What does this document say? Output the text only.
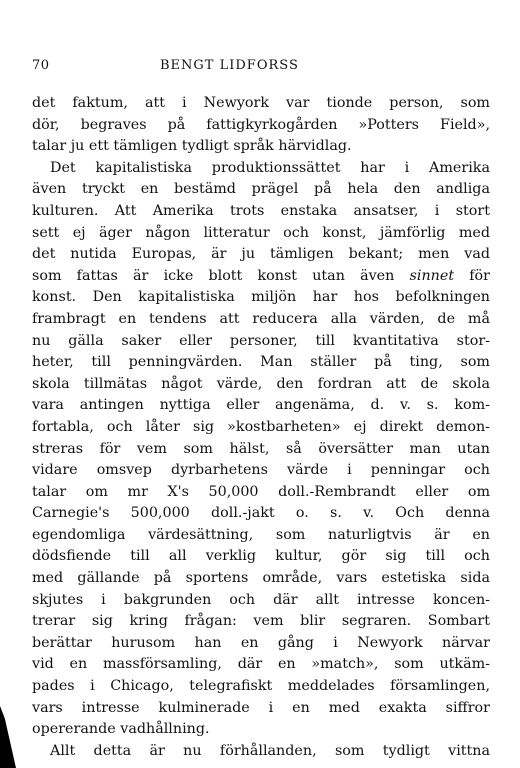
70	BENGT LIDFORSS
det faktum, att i Newyork var tionde person, som
dör, begraves på fattigkyrkogården »Potters Field»,
talar ju ett tämligen tydligt språk härvidlag.
Det kapitalistiska produktionssättet har i Amerika
även tryckt en bestämd prägel på hela den andliga
kulturen. Att Amerika trots enstaka ansatser, i stort
sett ej äger någon litteratur och konst, jämförlig med
det nutida Europas, är ju tämligen bekant; men vad
som fattas är icke blott konst utan även sinnet för
konst. Den kapitalistiska miljön har hos befolkningen
frambragt en tendens att reducera alla värden, de må
nu gälla saker eller personer, till kvantitativa stor-
heter, till penningvärden. Man ställer på ting, som
skola tillmätas något värde, den fordran att de skola
vara antingen nyttiga eller angenäma, d. v. s. kom-
fortabla, och låter sig »kostbarheten» ej direkt demon-
streras för vem som hälst, så översätter man utan
vidare omsvep dyrbarhetens värde i penningar och
talar om mr X's 50,000 doll.-Rembrandt eller om
Carnegie's 500,000 doll.-jakt o. s. v. Och denna
egendomliga värdesättning, som naturligtvis är en
dödsfiende till all verklig kultur, gör sig till och
med gällande på sportens område, vars estetiska sida
skjutes i bakgrunden och där allt intresse koncen-
trerar sig kring frågan: vem blir segraren. Sombart
berättar hurusom han en gång i Newyork närvar
vid en massförsamling, där en »match», som utkäm-
pades i Chicago, telegrafiskt meddelades församlingen,
vars intresse kulminerade i en med exakta siffror
opererande vadhållning.
Allt detta är nu förhållanden, som tydligt vittna
